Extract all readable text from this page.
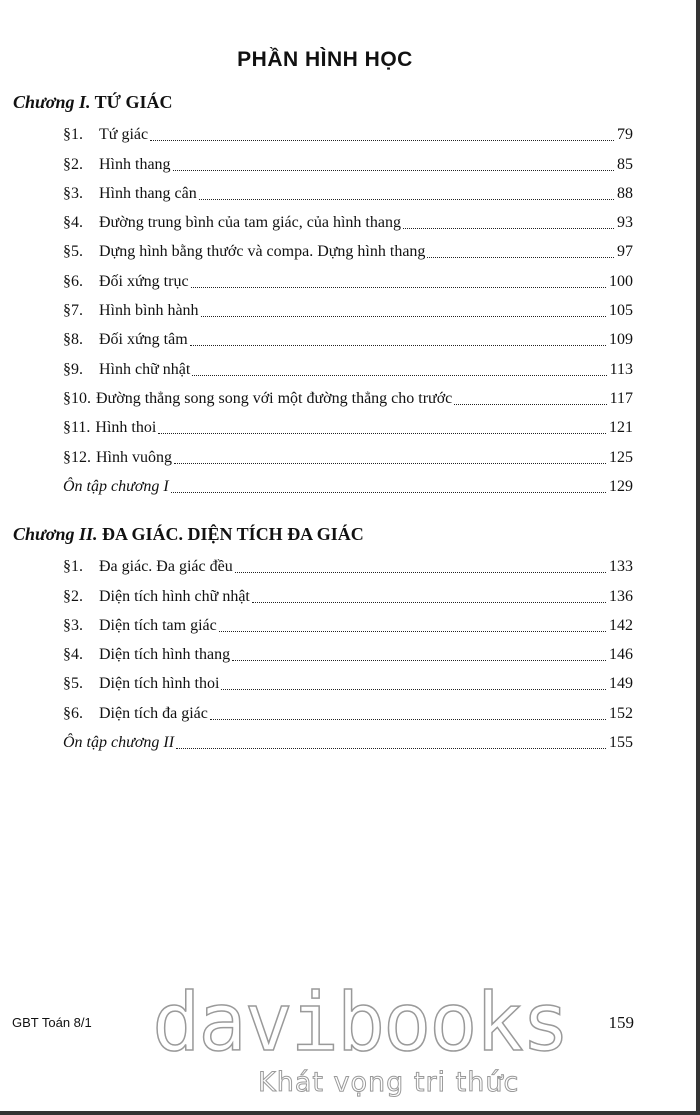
PHẦN HÌNH HỌC
Chương I. TỨ GIÁC
§1.	Tứ giác	79
§2.	Hình thang	85
§3.	Hình thang cân	88
§4.	Đường trung bình của tam giác, của hình thang	93
§5.	Dựng hình bằng thước và compa. Dựng hình thang	97
§6.	Đối xứng trục	100
§7.	Hình bình hành	105
§8.	Đối xứng tâm	109
§9.	Hình chữ nhật	113
§10. Đường thẳng song song với một đường thẳng cho trước	117
§11. Hình thoi	121
§12. Hình vuông	125
Ôn tập chương I	129
Chương II. ĐA GIÁC. DIỆN TÍCH ĐA GIÁC
§1.	Đa giác. Đa giác đều	133
§2.	Diện tích hình chữ nhật	136
§3.	Diện tích tam giác	142
§4.	Diện tích hình thang	146
§5.	Diện tích hình thoi	149
§6.	Diện tích đa giác	152
Ôn tập chương II	155
GBT Toán 8/1	159
davibooks
Khát vọng tri thức
